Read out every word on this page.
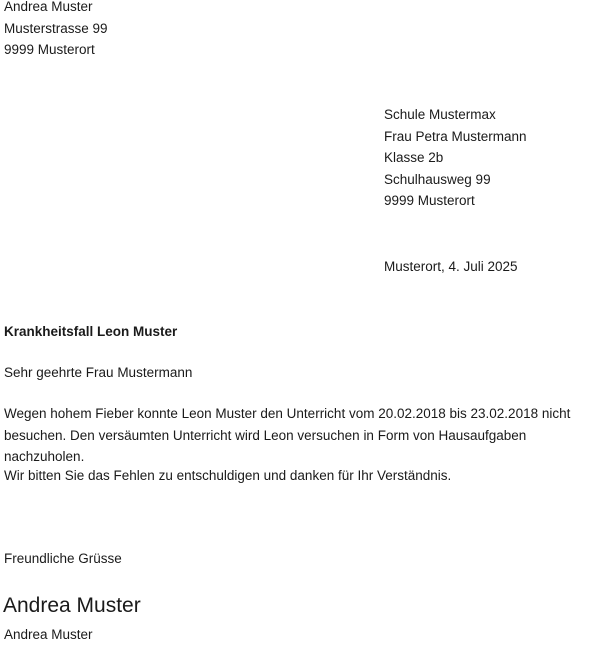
Andrea Muster
Musterstrasse 99
9999 Musterort
Schule Mustermax
Frau Petra Mustermann
Klasse 2b
Schulhausweg 99
9999 Musterort
Musterort, 4. Juli 2025
Krankheitsfall Leon Muster
Sehr geehrte Frau Mustermann
Wegen hohem Fieber konnte Leon Muster den Unterricht vom 20.02.2018 bis 23.02.2018 nicht besuchen. Den versäumten Unterricht wird Leon versuchen in Form von Hausaufgaben nachzuholen.
Wir bitten Sie das Fehlen zu entschuldigen und danken für Ihr Verständnis.
Freundliche Grüsse
Andrea Muster
Andrea Muster
